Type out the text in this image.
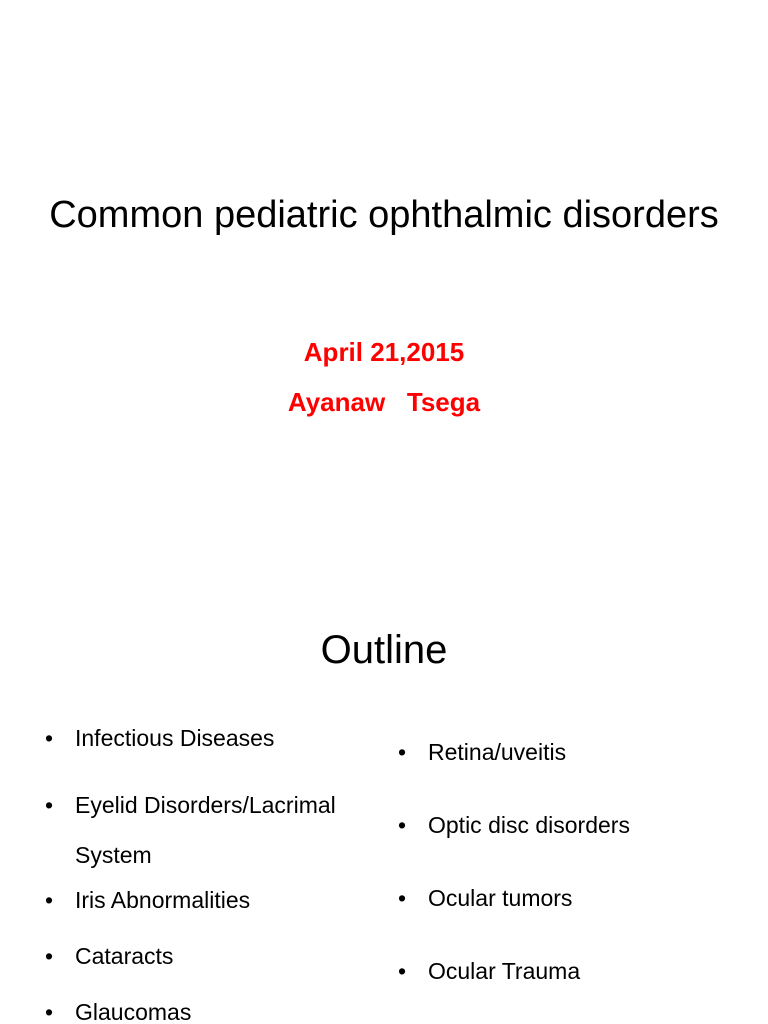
Common pediatric ophthalmic disorders

April 21,2015

Ayanaw   Tsega

Outline
• Infectious Diseases
• Eyelid Disorders/Lacrimal System
• Iris Abnormalities
• Cataracts
• Glaucomas
• Retina/uveitis
• Optic disc disorders
• Ocular tumors
• Ocular Trauma
